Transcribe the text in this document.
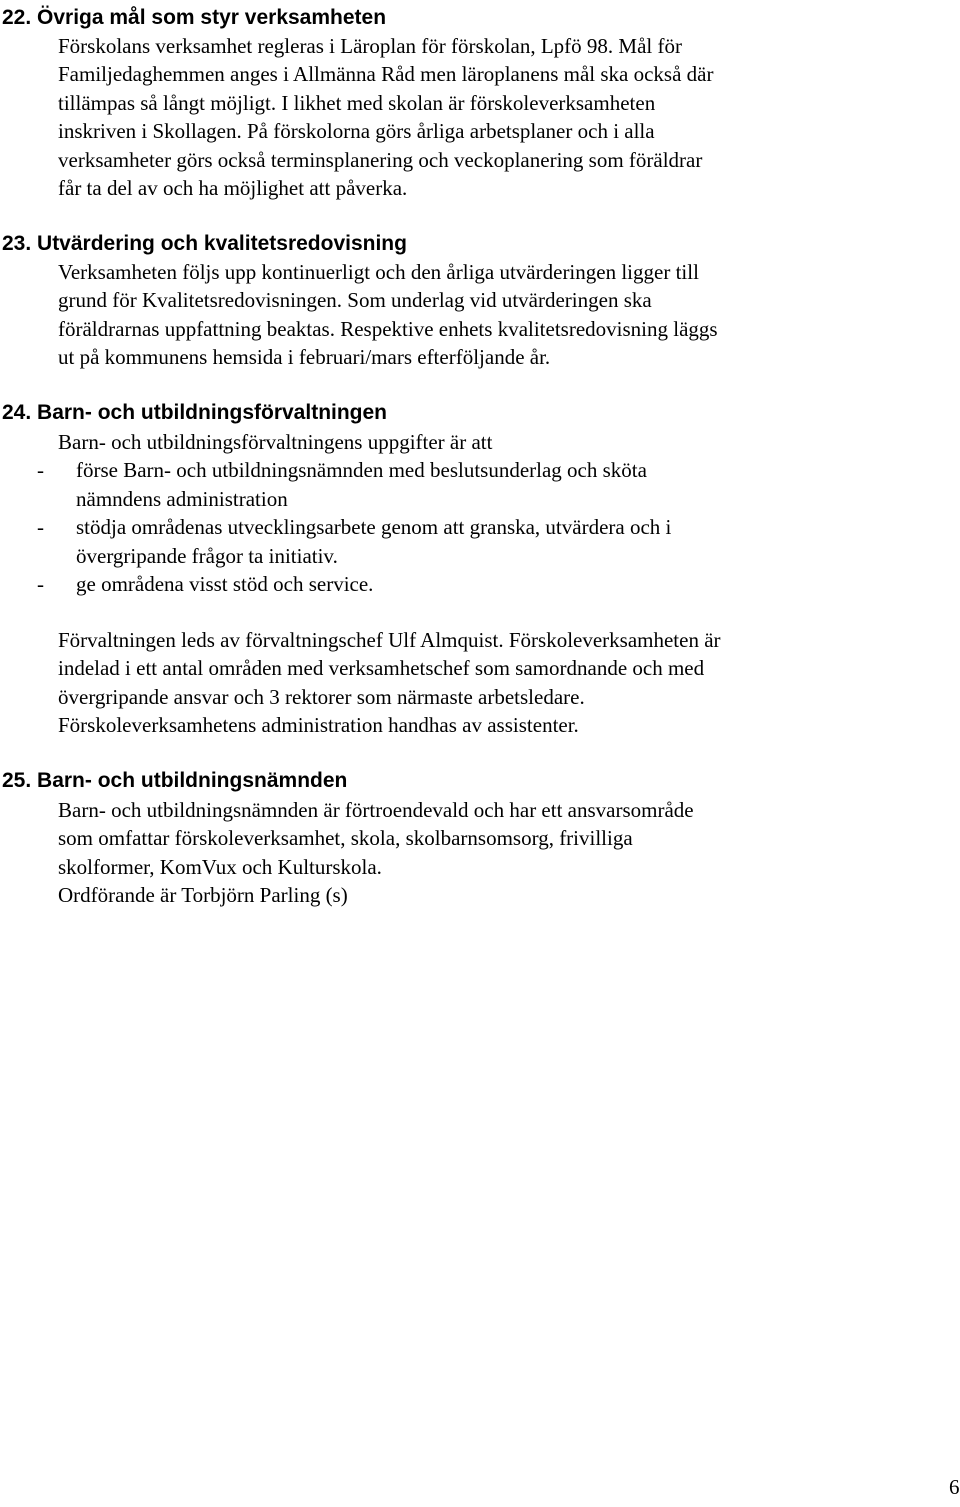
22. Övriga mål som styr verksamheten
Förskolans verksamhet regleras i Läroplan för förskolan, Lpfö 98. Mål för
Familjedaghemmen anges i Allmänna Råd men läroplanens mål ska också där
tillämpas så långt möjligt. I likhet med skolan är förskoleverksamheten
inskriven i Skollagen. På förskolorna görs årliga arbetsplaner och i alla
verksamheter görs också terminsplanering och veckoplanering som föräldrar
får ta del av och ha möjlighet att påverka.
23. Utvärdering och kvalitetsredovisning
Verksamheten följs upp kontinuerligt och den årliga utvärderingen ligger till
grund för Kvalitetsredovisningen. Som underlag vid utvärderingen ska
föräldrarnas uppfattning beaktas. Respektive enhets kvalitetsredovisning läggs
ut på kommunens hemsida i februari/mars efterföljande år.
24. Barn- och utbildningsförvaltningen
Barn- och utbildningsförvaltningens uppgifter är att
- förse Barn- och utbildningsnämnden med beslutsunderlag och sköta
nämndens administration
- stödja områdenas utvecklingsarbete genom att granska, utvärdera och i
övergripande frågor ta initiativ.
- ge områdena visst stöd och service.
Förvaltningen leds av förvaltningschef Ulf Almquist. Förskoleverksamheten är
indelad i ett antal områden med verksamhetschef som samordnande och med
övergripande ansvar och 3 rektorer som närmaste arbetsledare.
Förskoleverksamhetens administration handhas av assistenter.
25. Barn- och utbildningsnämnden
Barn- och utbildningsnämnden är förtroendevald och har ett ansvarsområde
som omfattar förskoleverksamhet, skola, skolbarnsomsorg, frivilliga
skolformer, KomVux och Kulturskola.
Ordförande är Torbjörn Parling (s)
6
